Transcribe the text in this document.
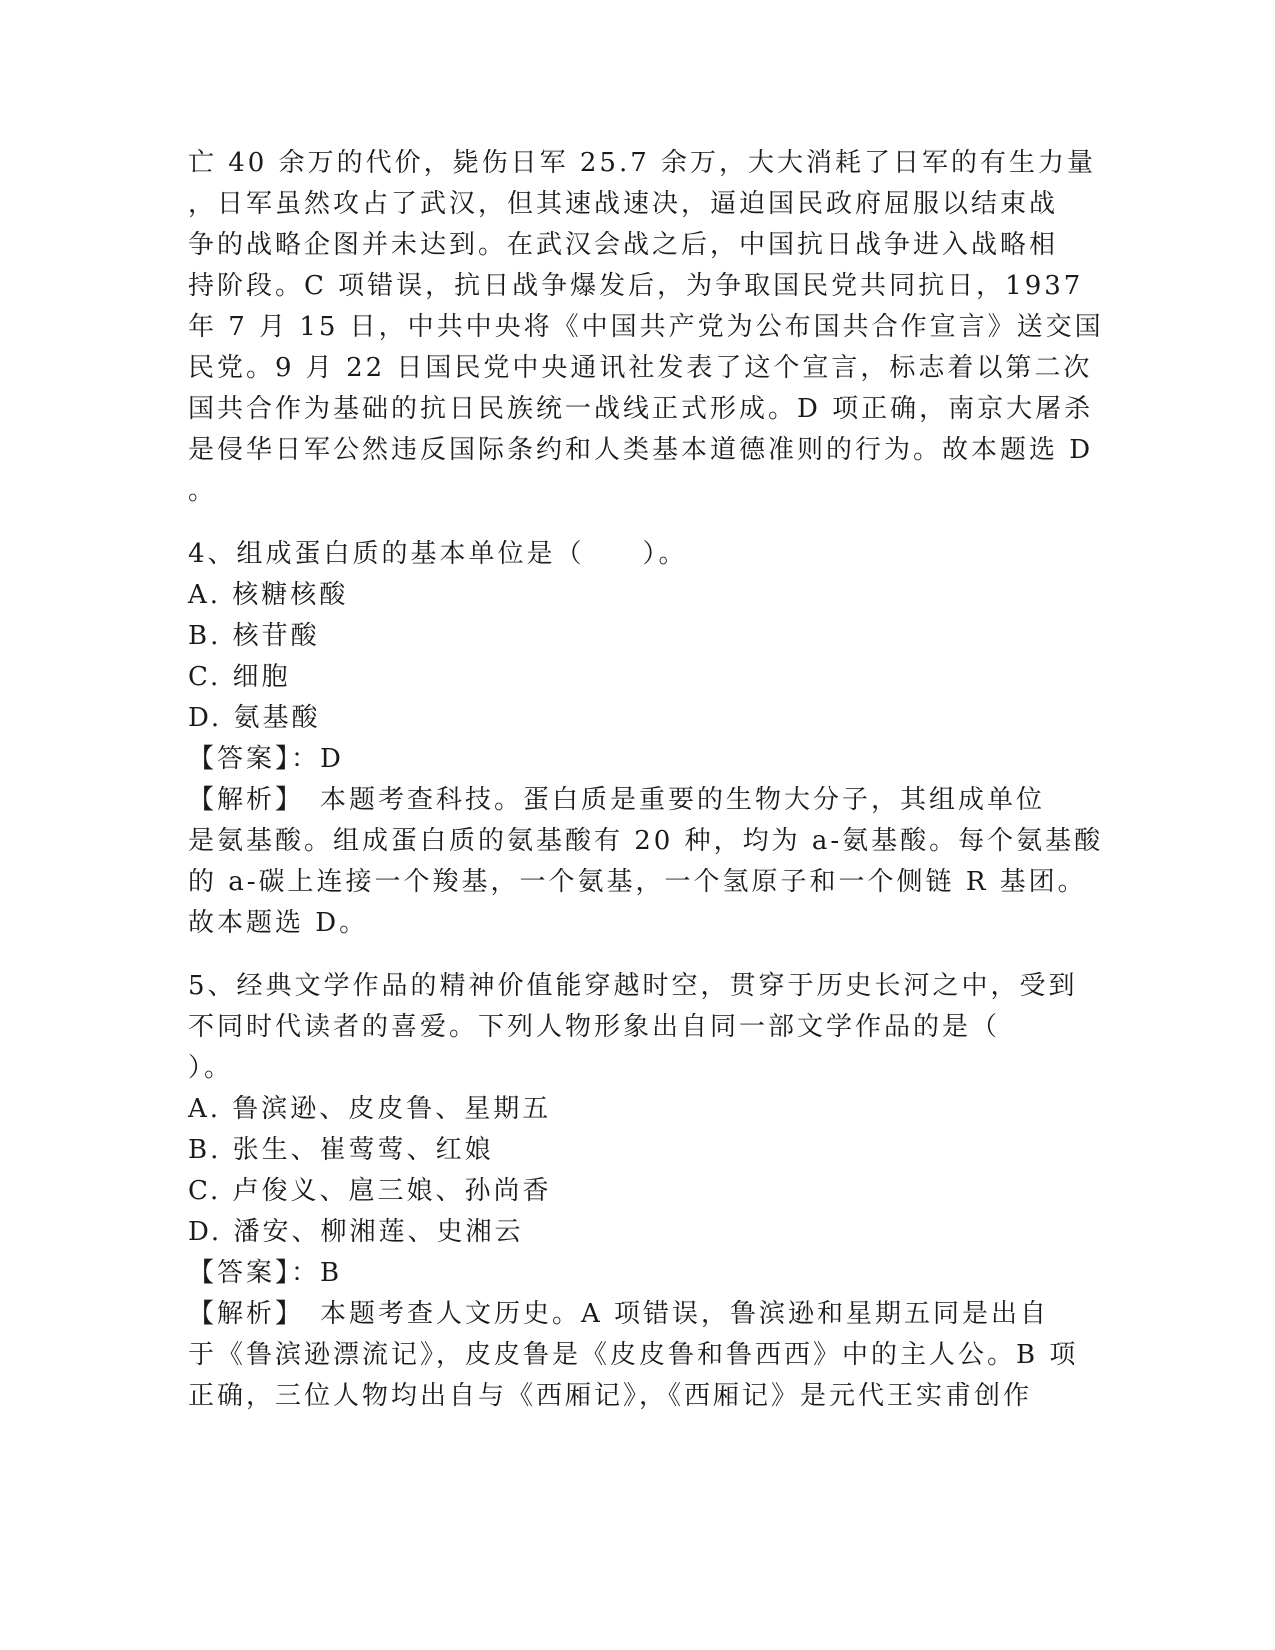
亡 40 余万的代价，毙伤日军 25.7 余万，大大消耗了日军的有生力量
，日军虽然攻占了武汉，但其速战速决，逼迫国民政府屈服以结束战
争的战略企图并未达到。在武汉会战之后，中国抗日战争进入战略相
持阶段。C 项错误，抗日战争爆发后，为争取国民党共同抗日，1937
年 7 月 15 日，中共中央将《中国共产党为公布国共合作宣言》送交国
民党。9 月 22 日国民党中央通讯社发表了这个宣言，标志着以第二次
国共合作为基础的抗日民族统一战线正式形成。D 项正确，南京大屠杀
是侵华日军公然违反国际条约和人类基本道德准则的行为。故本题选 D
。
4、组成蛋白质的基本单位是（　　）。
A. 核糖核酸
B. 核苷酸
C. 细胞
D. 氨基酸
【答案】：D
【解析】　本题考查科技。蛋白质是重要的生物大分子，其组成单位
是氨基酸。组成蛋白质的氨基酸有 20 种，均为 a-氨基酸。每个氨基酸
的 a-碳上连接一个羧基，一个氨基，一个氢原子和一个侧链 R 基团。
故本题选 D。
5、经典文学作品的精神价值能穿越时空，贯穿于历史长河之中，受到
不同时代读者的喜爱。下列人物形象出自同一部文学作品的是（
）。
A. 鲁滨逊、皮皮鲁、星期五
B. 张生、崔莺莺、红娘
C. 卢俊义、扈三娘、孙尚香
D. 潘安、柳湘莲、史湘云
【答案】：B
【解析】　本题考查人文历史。A 项错误，鲁滨逊和星期五同是出自
于《鲁滨逊漂流记》，皮皮鲁是《皮皮鲁和鲁西西》中的主人公。B 项
正确，三位人物均出自与《西厢记》，《西厢记》是元代王实甫创作
